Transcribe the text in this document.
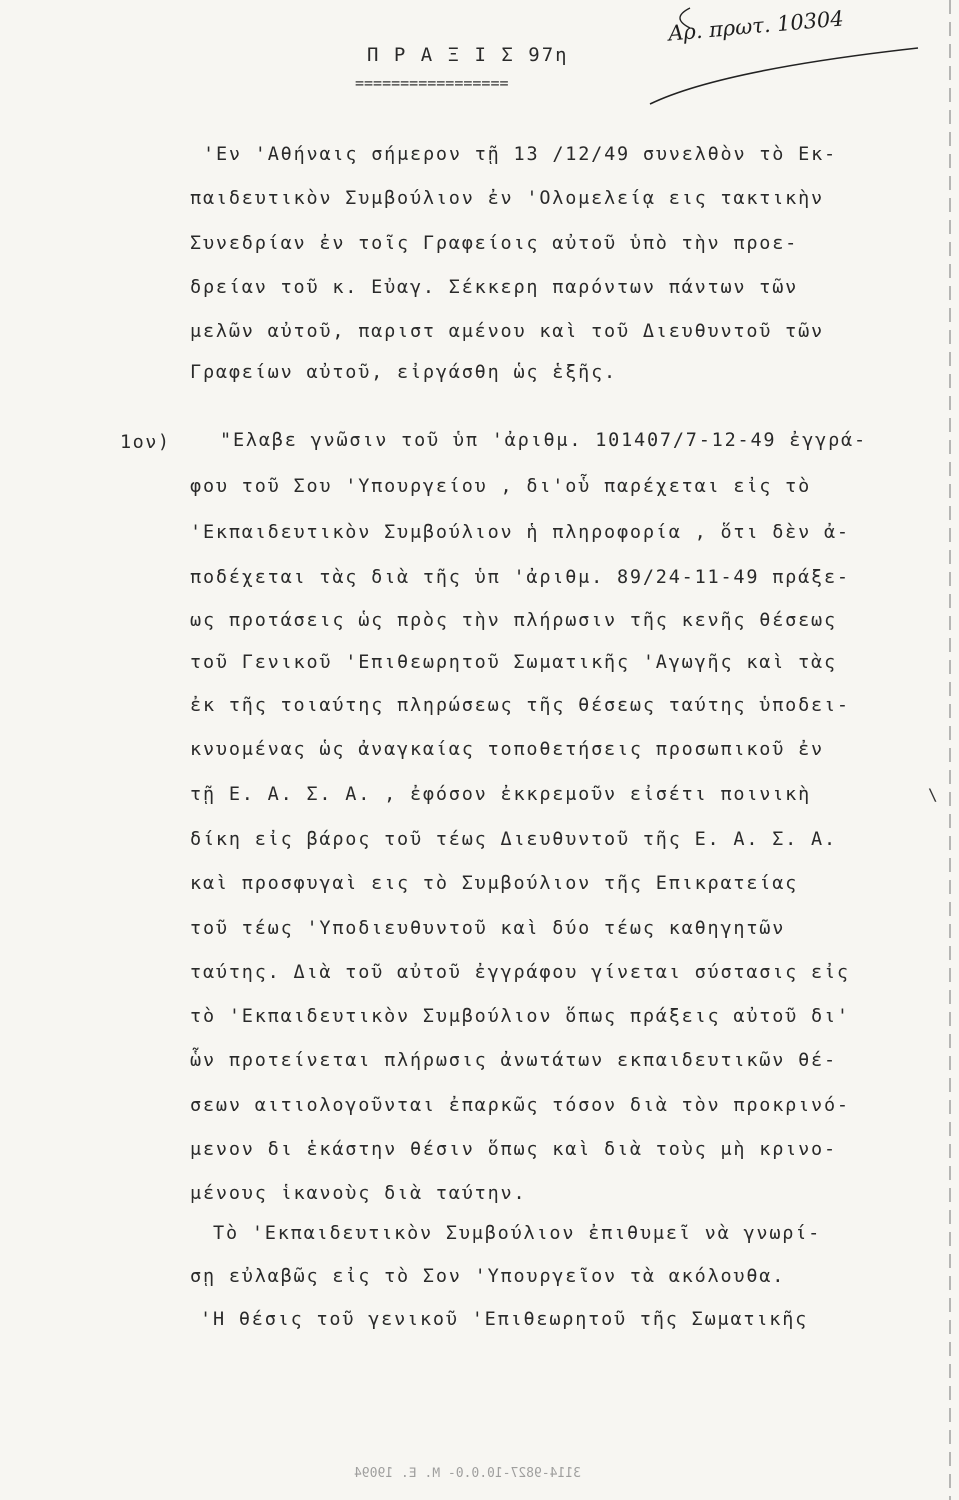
Αρ. πρωτ. 10304
Π Ρ Α Ξ Ι Σ 97η
=================
1ον)
'Εν 'Αθήναις σήμερον τῇ 13 /12/49 συνελθὸν τὸ Εκ-
παιδευτικὸν Συμβούλιον ἐν 'Ολομελείᾳ εις τακτικὴν
Συνεδρίαν ἐν τοῖς Γραφείοις αὐτοῦ ὑπὸ τὴν προε-
δρείαν τοῦ κ. Εὐαγ. Σέκκερη παρόντων πάντων τῶν
μελῶν αὐτοῦ, παριστ αμένου καὶ τοῦ Διευθυντοῦ τῶν
Γραφείων αὐτοῦ, εἰργάσθη ὡς ἑξῆς.
"Ελαβε γνῶσιν τοῦ ὑπ 'ἀριθμ. 101407/7-12-49 ἐγγρά-
φου τοῦ Σου 'Υπουργείου , δι'οὗ παρέχεται εἰς τὸ
'Εκπαιδευτικὸν Συμβούλιον ἡ πληροφορία , ὅτι δὲν ἀ-
ποδέχεται τὰς διὰ τῆς ὑπ 'ἀριθμ. 89/24-11-49 πράξε-
ως προτάσεις ὡς πρὸς τὴν πλήρωσιν τῆς κενῆς θέσεως
τοῦ Γενικοῦ 'Επιθεωρητοῦ Σωματικῆς 'Αγωγῆς καὶ τὰς
ἐκ τῆς τοιαύτης πληρώσεως τῆς θέσεως ταύτης ὑποδει-
κνυομένας ὡς ἀναγκαίας τοποθετήσεις προσωπικοῦ ἐν
τῇ Ε. Α. Σ. Α. , ἐφόσον ἐκκρεμοῦν εἰσέτι ποινικὴ
δίκη εἰς βάρος τοῦ τέως Διευθυντοῦ τῆς Ε. Α. Σ. Α.
καὶ προσφυγαὶ εις τὸ Συμβούλιον τῆς Επικρατείας
τοῦ τέως 'Υποδιευθυντοῦ καὶ δύο τέως καθηγητῶν
ταύτης. Διὰ τοῦ αὐτοῦ ἐγγράφου γίνεται σύστασις εἰς
τὸ 'Εκπαιδευτικὸν Συμβούλιον ὅπως πράξεις αὐτοῦ δι'
ὧν προτείνεται πλήρωσις ἀνωτάτων εκπαιδευτικῶν θέ-
σεων αιτιολογοῦνται ἐπαρκῶς τόσον διὰ τὸν προκρινό-
μενον δι ἑκάστην θέσιν ὅπως καὶ διὰ τοὺς μὴ κρινο-
μένους ἱκανοὺς διὰ ταύτην.
Τὸ 'Εκπαιδευτικὸν Συμβούλιον ἐπιθυμεῖ νὰ γνωρί-
σῃ εὐλαβῶς εἰς τὸ Σον 'Υπουργεῖον τὰ ακόλουθα.
'Η θέσις τοῦ γενικοῦ 'Επιθεωρητοῦ τῆς Σωματικῆς
\
3114-9827-10.0.0- Μ. Ε. 19094
